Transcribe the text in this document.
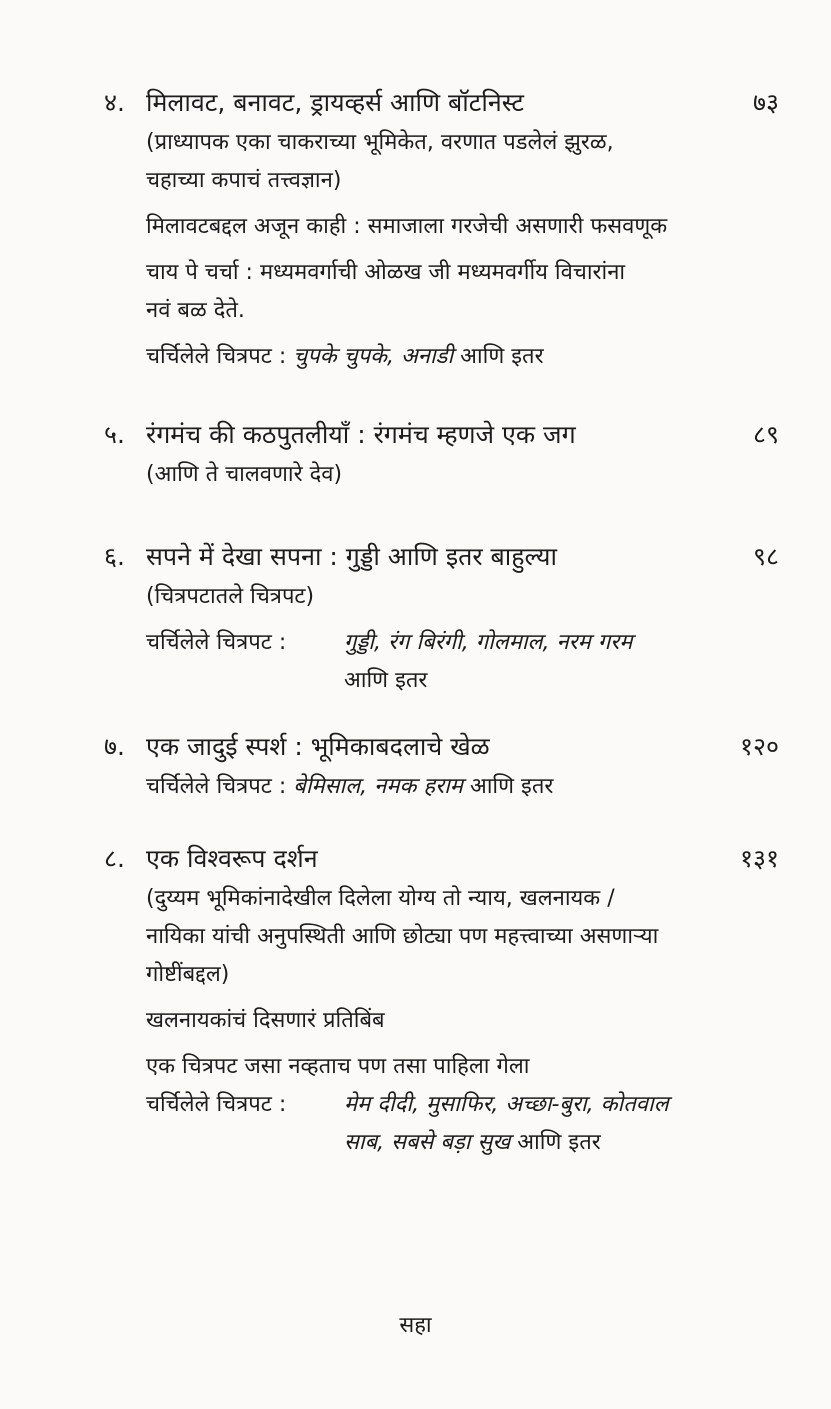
४. मिलावट, बनावट, ड्रायव्हर्स आणि बॉटनिस्ट	७३
(प्राध्यापक एका चाकराच्या भूमिकेत, वरणात पडलेलं झुरळ,
चहाच्या कपाचं तत्त्वज्ञान)
मिलावटबद्दल अजून काही : समाजाला गरजेची असणारी फसवणूक
चाय पे चर्चा : मध्यमवर्गाची ओळख जी मध्यमवर्गीय विचारांना
नवं बळ देते.
चर्चिलेले चित्रपट : चुपके चुपके, अनाडी आणि इतर
५. रंगमंच की कठपुतलीयाँ : रंगमंच म्हणजे एक जग	८९
(आणि ते चालवणारे देव)
६. सपने में देखा सपना : गुड्डी आणि इतर बाहुल्या	९८
(चित्रपटातले चित्रपट)
चर्चिलेले चित्रपट :	गुड्डी, रंग बिरंगी, गोलमाल, नरम गरम
आणि इतर
७. एक जादुई स्पर्श : भूमिकाबदलाचे खेळ	१२०
चर्चिलेले चित्रपट : बेमिसाल, नमक हराम आणि इतर
८. एक विश्वरूप दर्शन	१३१
(दुय्यम भूमिकांनादेखील दिलेला योग्य तो न्याय, खलनायक /
नायिका यांची अनुपस्थिती आणि छोट्या पण महत्त्वाच्या असणाऱ्या
गोष्टींबद्दल)
खलनायकांचं दिसणारं प्रतिबिंब
एक चित्रपट जसा नव्हताच पण तसा पाहिला गेला
चर्चिलेले चित्रपट :	मेम दीदी, मुसाफिर, अच्छा-बुरा, कोतवाल
साब, सबसे बड़ा सुख आणि इतर
सहा
